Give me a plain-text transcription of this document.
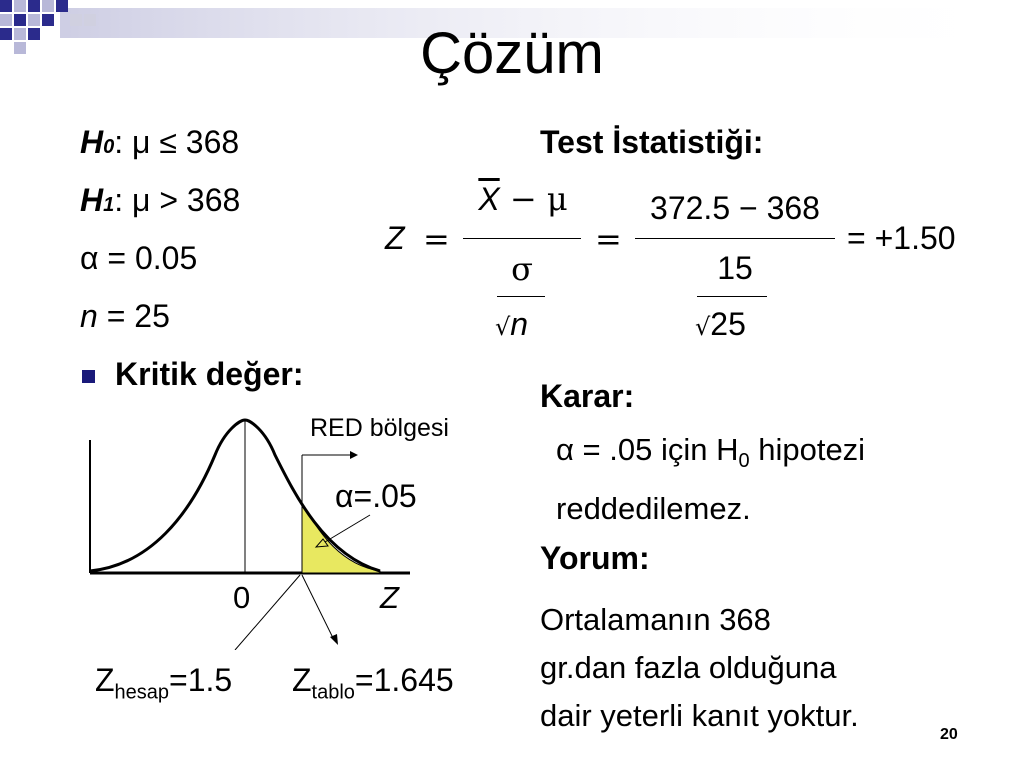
Çözüm
H0: μ ≤ 368
H1: μ > 368
α = 0.05
n = 25
Kritik değer:
RED bölgesi
α=.05
0	Z
$Z_{hesap}=1.5$ $Z_{tablo}=1.645$
Test İstatistiği:
Z =
$\overline{X} - \mu$
σ
√n
=
372.5 − 368
15
√25
= +1.50
Karar:
α = .05 için $H_0$ hipotezi
reddedilemez.
Yorum:
Ortalamanın 368
gr.dan fazla olduğuna
dair yeterli kanıt yoktur.
20
